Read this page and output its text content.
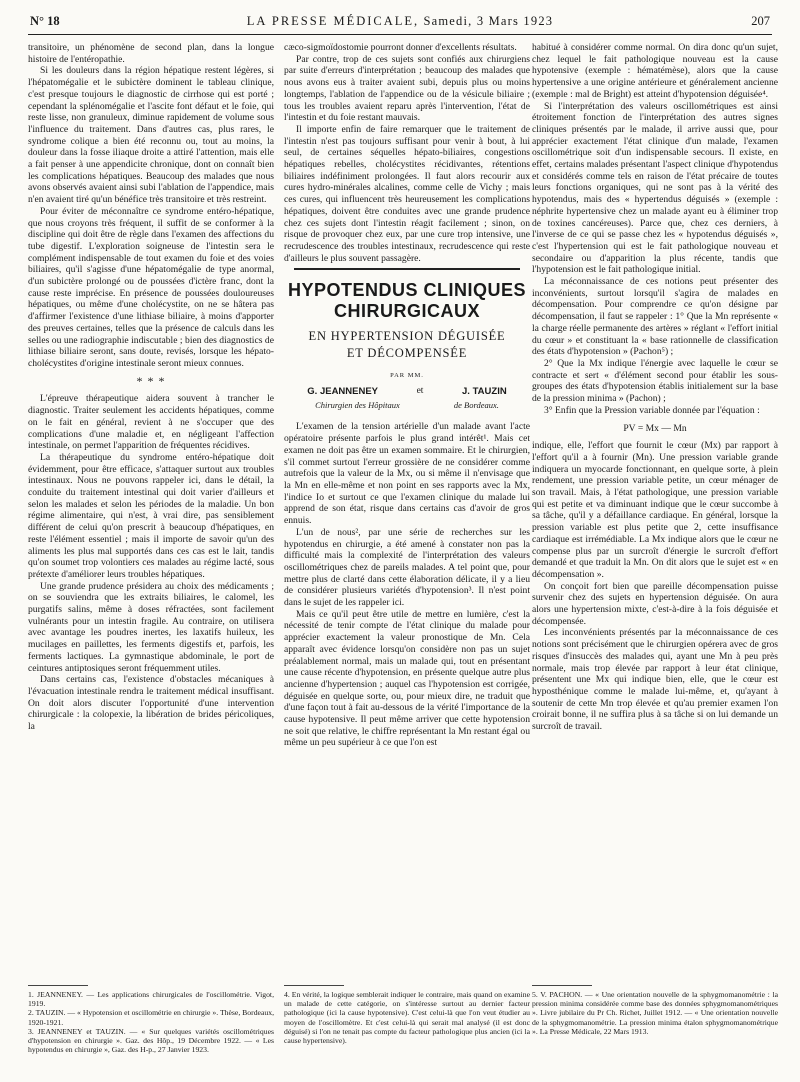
N° 18	LA PRESSE MÉDICALE, Samedi, 3 Mars 1923	207

transitoire, un phénomène de second plan, dans la longue histoire de l'entéropathie.

Si les douleurs dans la région hépatique restent légères, si l'hépatomégalie et le subictère dominent le tableau clinique, c'est presque toujours le diagnostic de cirrhose qui est porté ; cependant la splénomégalie et l'ascite font défaut et le foie, qui reste lisse, non granuleux, diminue rapidement de volume sous l'influence du traitement. Dans d'autres cas, plus rares, le syndrome colique a bien été reconnu ou, tout au moins, la douleur dans la fosse iliaque droite a attiré l'attention, mais elle a fait penser à une appendicite chronique, dont on connaît bien les complications hépatiques. Beaucoup des malades que nous avons observés avaient ainsi subi l'ablation de l'appendice, mais n'en avaient tiré qu'un bénéfice très transitoire et très restreint.

Pour éviter de méconnaître ce syndrome entéro-hépatique, que nous croyons très fréquent, il suffit de se conformer à la discipline qui doit être de règle dans l'examen des affections du tube digestif. L'exploration soigneuse de l'intestin sera le complément indispensable de tout examen du foie et des voies biliaires, qu'il s'agisse d'une hépatomégalie de type anormal, d'un subictère prolongé ou de poussées d'ictère franc, dont la cause reste imprécise. En présence de poussées douloureuses hépatiques, ou même d'une cholécystite, on ne se hâtera pas d'affirmer l'existence d'une lithiase biliaire, à moins d'apporter des preuves certaines, telles que la présence de calculs dans les selles ou une radiographie indiscutable ; bien des diagnostics de lithiase biliaire seront, sans doute, revisés, lorsque les hépato-cholécystites d'origine intestinale seront mieux connues.

* * *

L'épreuve thérapeutique aidera souvent à trancher le diagnostic. Traiter seulement les accidents hépatiques, comme on le fait en général, revient à ne s'occuper que des complications d'une maladie et, en négligeant l'affection intestinale, on permet l'apparition de fréquentes récidives.

La thérapeutique du syndrome entéro-hépatique doit évidemment, pour être efficace, s'attaquer surtout aux troubles intestinaux. Nous ne pouvons rappeler ici, dans le détail, la conduite du traitement intestinal qui doit varier d'ailleurs et selon les malades et selon les périodes de la maladie. Un bon régime alimentaire, qui n'est, à vrai dire, pas sensiblement différent de celui qu'on prescrit à beaucoup d'hépatiques, en reste l'élément essentiel ; mais il importe de savoir qu'un des aliments les plus mal supportés dans ces cas est le lait, tandis qu'on soumet trop volontiers ces malades au régime lacté, sous prétexte d'améliorer leurs troubles hépatiques.

Une grande prudence présidera au choix des médicaments ; on se souviendra que les extraits biliaires, le calomel, les purgatifs salins, même à doses réfractées, sont facilement vulnérants pour un intestin fragile. Au contraire, on utilisera avec avantage les poudres inertes, les laxatifs huileux, les mucilages en paillettes, les ferments digestifs et, parfois, les ferments lactiques. La gymnastique abdominale, le port de ceintures antiptosiques seront fréquemment utiles.

Dans certains cas, l'existence d'obstacles mécaniques à l'évacuation intestinale rendra le traitement médical insuffisant. On doit alors discuter l'opportunité d'une intervention chirurgicale : la colopexie, la libération de brides péricoliques, la

cæco-sigmoïdostomie pourront donner d'excellents résultats.

Par contre, trop de ces sujets sont confiés aux chirurgiens par suite d'erreurs d'interprétation ; beaucoup des malades que nous avons eus à traiter avaient subi, depuis plus ou moins longtemps, l'ablation de l'appendice ou de la vésicule biliaire ; tous les troubles avaient reparu après l'intervention, l'état de l'intestin et du foie restant mauvais.

Il importe enfin de faire remarquer que le traitement de l'intestin n'est pas toujours suffisant pour venir à bout, à lui seul, de certaines séquelles hépato-biliaires, congestions hépatiques rebelles, cholécystites récidivantes, rétentions biliaires indéfiniment prolongées. Il faut alors recourir aux cures hydro-minérales alcalines, comme celle de Vichy ; mais ces cures, qui influencent très heureusement les complications hépatiques, doivent être conduites avec une grande prudence chez ces sujets dont l'intestin réagit facilement ; sinon, on risque de provoquer chez eux, par une cure trop intensive, une recrudescence des troubles intestinaux, recrudescence qui reste d'ailleurs le plus souvent passagère.

HYPOTENDUS CLINIQUES CHIRURGICAUX
EN HYPERTENSION DÉGUISÉE
ET DÉCOMPENSÉE
PAR MM.
G. JEANNENEY	et	J. TAUZIN
Chirurgien des Hôpitaux	de Bordeaux.

L'examen de la tension artérielle d'un malade avant l'acte opératoire présente parfois le plus grand intérêt¹. Mais cet examen ne doit pas être un examen sommaire. Et le chirurgien, s'il commet surtout l'erreur grossière de ne considérer comme autrefois que la valeur de la Mx, ou si même il n'envisage que la Mn en elle-même et non point en ses rapports avec la Mx, l'indice Io et surtout ce que l'examen clinique du malade lui apprend de son état, risque dans certains cas d'avoir de gros ennuis.

L'un de nous², par une série de recherches sur les hypotendus en chirurgie, a été amené à constater non pas la difficulté mais la complexité de l'interprétation des valeurs oscillométriques chez de pareils malades. A tel point que, pour mettre plus de clarté dans cette élaboration délicate, il y a lieu de considérer plusieurs variétés d'hypotension³. Il n'est point dans le sujet de les rappeler ici.

Mais ce qu'il peut être utile de mettre en lumière, c'est la nécessité de tenir compte de l'état clinique du malade pour apprécier exactement la valeur pronostique de Mn. Cela apparaît avec évidence lorsqu'on considère non pas un sujet préalablement normal, mais un malade qui, tout en présentant une cause récente d'hypotension, en présente quelque autre plus ancienne d'hypertension ; auquel cas l'hypotension est corrigée, déguisée en quelque sorte, ou, pour mieux dire, ne traduit que d'une façon tout à fait au-dessous de la vérité l'importance de la cause hypotensive. Il peut même arriver que cette hypotension ne soit que relative, le chiffre représentant la Mn restant égal ou même un peu supérieur à ce que l'on est

habitué à considérer comme normal. On dira donc qu'un sujet, chez lequel le fait pathologique nouveau est la cause hypotensive (exemple : hématémèse), alors que la cause hypertensive a une origine antérieure et généralement ancienne (exemple : mal de Bright) est atteint d'hypotension déguisée⁴.

Si l'interprétation des valeurs oscillométriques est ainsi étroitement fonction de l'interprétation des autres signes cliniques présentés par le malade, il arrive aussi que, pour apprécier exactement l'état clinique d'un malade, l'examen oscillométrique soit d'un indispensable secours. Il existe, en effet, certains malades présentant l'aspect clinique d'hypotendus et considérés comme tels en raison de l'état précaire de toutes leurs fonctions organiques, qui ne sont pas à la vérité des hypotendus, mais des « hypertendus déguisés » (exemple : néphrite hypertensive chez un malade ayant eu à éliminer trop de toxines cancéreuses). Parce que, chez ces derniers, à l'inverse de ce qui se passe chez les « hypotendus déguisés », c'est l'hypertension qui est le fait pathologique nouveau et secondaire ou d'apparition la plus récente, tandis que l'hypotension est le fait pathologique initial.

La méconnaissance de ces notions peut présenter des inconvénients, surtout lorsqu'il s'agira de malades en décompensation. Pour comprendre ce qu'on désigne par décompensation, il faut se rappeler : 1° Que la Mn représente « la charge réelle permanente des artères » réglant « l'effort initial du cœur » et constituant la « base rationnelle de classification des états d'hypotension » (Pachon⁵) ;

2° Que la Mx indique l'énergie avec laquelle le cœur se contracte et sert « d'élément second pour établir les sous-groupes des états d'hypotension établis initialement sur la base de la pression minima » (Pachon) ;

3° Enfin que la Pression variable donnée par l'équation :

PV = Mx — Mn

indique, elle, l'effort que fournit le cœur (Mx) par rapport à l'effort qu'il a à fournir (Mn). Une pression variable grande indiquera un myocarde fonctionnant, en quelque sorte, à plein rendement, une pression variable petite, un cœur ménager de son travail. Mais, à l'état pathologique, une pression variable qui est petite et va diminuant indique que le cœur succombe à sa tâche, qu'il y a défaillance cardiaque. En général, lorsque la pression variable est plus petite que 2, cette insuffisance cardiaque est irrémédiable. La Mx indique alors que le cœur ne compense plus par un surcroît d'énergie le surcroît d'effort demandé et que traduit la Mn. On dit alors que le sujet est « en décompensation ».

On conçoit fort bien que pareille décompensation puisse survenir chez des sujets en hypertension déguisée. On aura alors une hypertension mixte, c'est-à-dire à la fois déguisée et décompensée.

Les inconvénients présentés par la méconnaissance de ces notions sont précisément que le chirurgien opérera avec de gros risques d'insuccès des malades qui, ayant une Mn à peu près normale, mais trop élevée par rapport à leur état clinique, présentent une Mx qui indique bien, elle, que le cœur est hyposthénique comme le malade lui-même, et, qu'ayant à soutenir de cette Mn trop élevée et qu'au premier examen l'on croirait bonne, il ne suffira plus à sa tâche si on lui demande un surcroît de travail.

1. JEANNENEY. — Les applications chirurgicales de l'oscillométrie. Vigot, 1919.

2. TAUZIN. — « Hypotension et oscillométrie en chirurgie ». Thèse, Bordeaux, 1920-1921.

3. JEANNENEY et TAUZIN. — « Sur quelques variétés oscillométriques d'hypotension en chirurgie ». Gaz. des Hôp., 19 Décembre 1922. — « Les hypotendus en chirurgie », Gaz. des H-p., 27 Janvier 1923.

4. En vérité, la logique semblerait indiquer le contraire, mais quand on examine un malade de cette catégorie, on s'intéresse surtout au dernier facteur pathologique (ici la cause hypotensive). C'est celui-là que l'on veut étudier au moyen de l'oscillomètre. Et c'est celui-là qui serait mal analysé (il est donc déguisé) si l'on ne tenait pas compte du facteur pathologique plus ancien (ici la cause hypertensive).

5. V. PACHON. — « Une orientation nouvelle de la sphygmomanométrie : la pression minima considérée comme base des données sphygmomanométriques ». Livre jubilaire du Pr Ch. Richet, Juillet 1912. — « Une orientation nouvelle de la sphygmomanométrie. La pression minima étalon sphygmomanométrique ». La Presse Médicale, 22 Mars 1913.
